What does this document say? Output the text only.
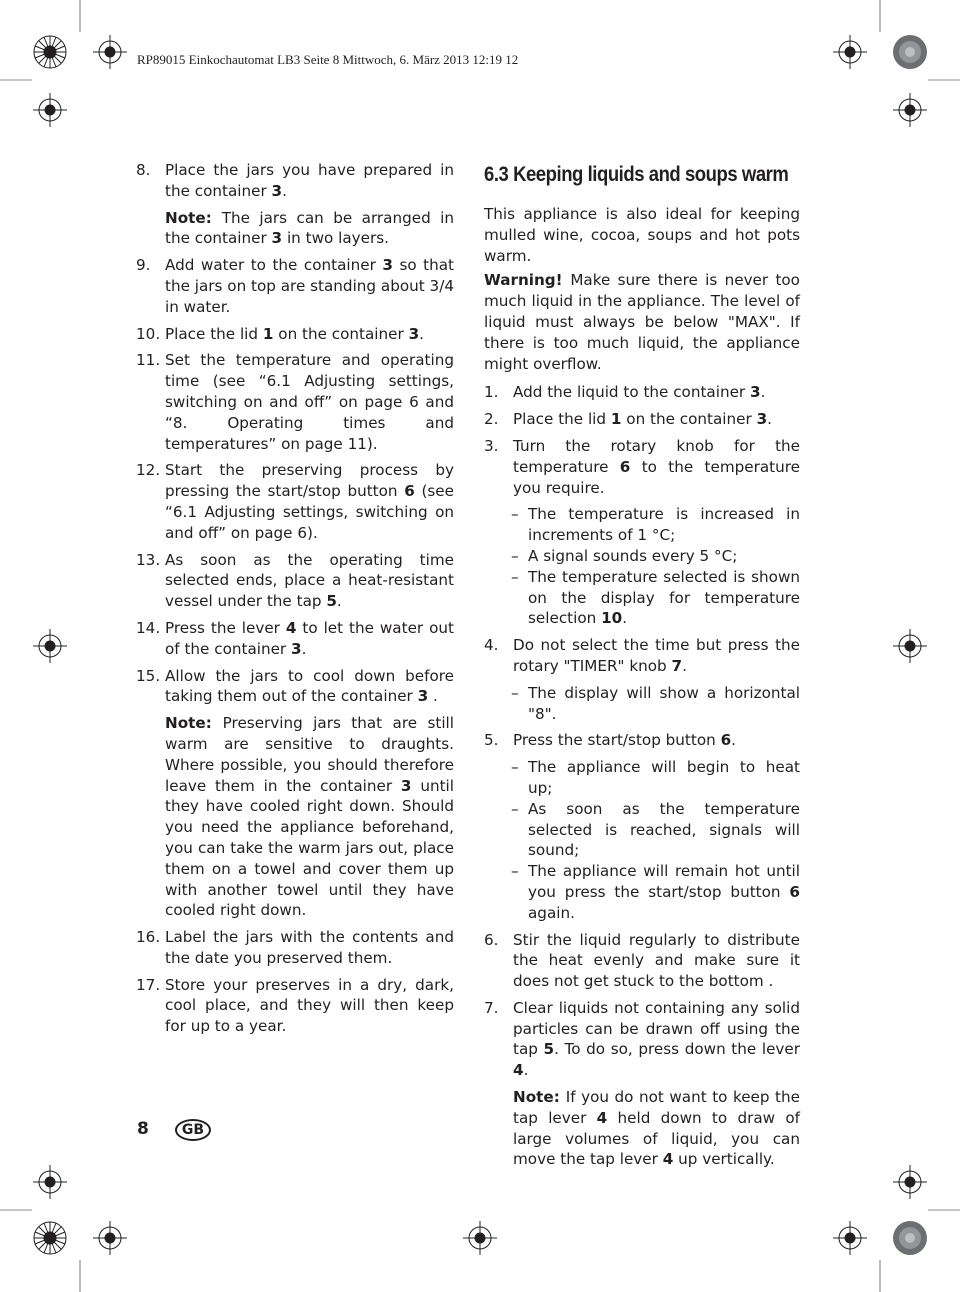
RP89015 Einkochautomat LB3 Seite 8 Mittwoch, 6. März 2013 12:19 12
8. Place the jars you have prepared in the container 3.
Note: The jars can be arranged in the container 3 in two layers.
9. Add water to the container 3 so that the jars on top are standing about 3/4 in water.
10. Place the lid 1 on the container 3.
11. Set the temperature and operating time (see “6.1 Adjusting settings, switching on and off” on page 6 and “8. Operating times and temperatures” on page 11).
12. Start the preserving process by pressing the start/stop button 6 (see “6.1 Adjusting settings, switching on and off” on page 6).
13. As soon as the operating time selected ends, place a heat-resistant vessel under the tap 5.
14. Press the lever 4 to let the water out of the container 3.
15. Allow the jars to cool down before taking them out of the container 3 .
Note: Preserving jars that are still warm are sensitive to draughts. Where possible, you should therefore leave them in the container 3 until they have cooled right down. Should you need the appliance beforehand, you can take the warm jars out, place them on a towel and cover them up with another towel until they have cooled right down.
16. Label the jars with the contents and the date you preserved them.
17. Store your preserves in a dry, dark, cool place, and they will then keep for up to a year.
6.3 Keeping liquids and soups warm
This appliance is also ideal for keeping mulled wine, cocoa, soups and hot pots warm.
Warning! Make sure there is never too much liquid in the appliance. The level of liquid must always be below "MAX". If there is too much liquid, the appliance might overflow.
1. Add the liquid to the container 3.
2. Place the lid 1 on the container 3.
3. Turn the rotary knob for the temperature 6 to the temperature you require.
– The temperature is increased in increments of 1 °C;
– A signal sounds every 5 °C;
– The temperature selected is shown on the display for temperature selection 10.
4. Do not select the time but press the rotary "TIMER" knob 7.
– The display will show a horizontal "8".
5. Press the start/stop button 6.
– The appliance will begin to heat up;
– As soon as the temperature selected is reached, signals will sound;
– The appliance will remain hot until you press the start/stop button 6 again.
6. Stir the liquid regularly to distribute the heat evenly and make sure it does not get stuck to the bottom .
7. Clear liquids not containing any solid particles can be drawn off using the tap 5. To do so, press down the lever 4.
Note: If you do not want to keep the tap lever 4 held down to draw of large volumes of liquid, you can move the tap lever 4 up vertically.
8	GB
